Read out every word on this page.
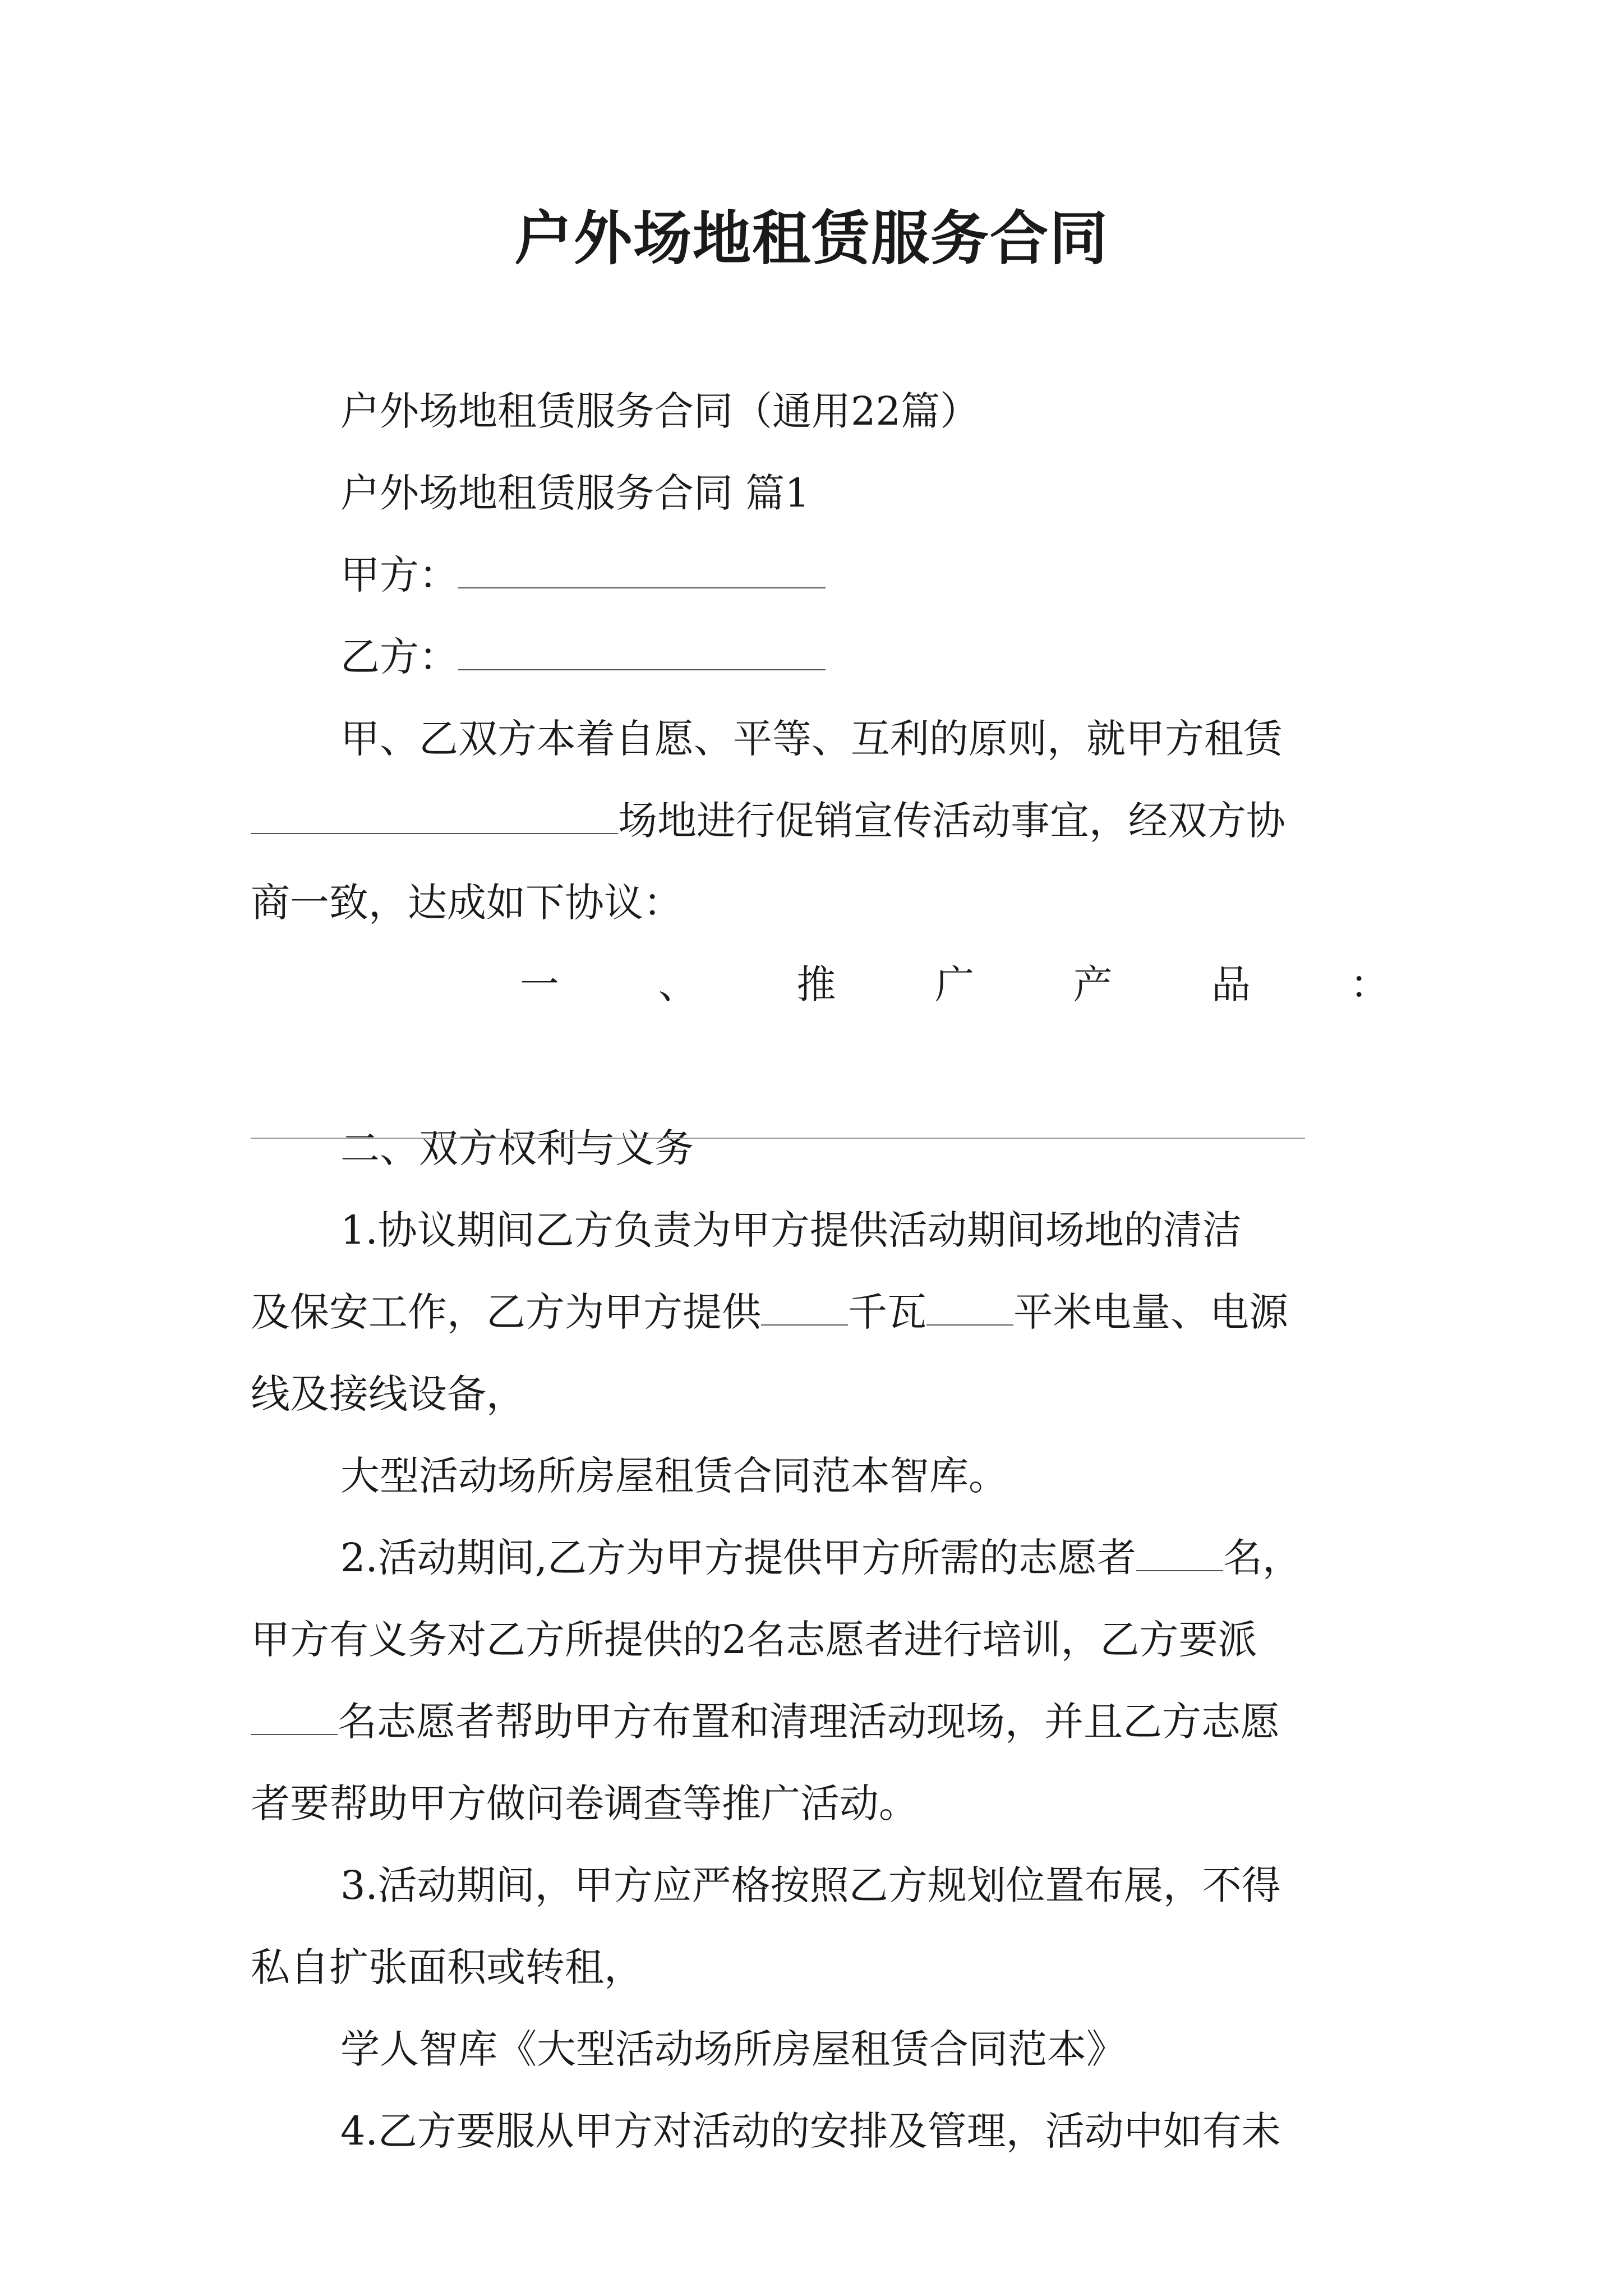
户外场地租赁服务合同

户外场地租赁服务合同（通用22篇）

户外场地租赁服务合同 篇1

甲方：

乙方：

甲、乙双方本着自愿、平等、互利的原则，就甲方租赁

场地进行促销宣传活动事宜，经双方协

商一致，达成如下协议：

一	、	推	广	产	品	：

二、双方权利与义务

1.协议期间乙方负责为甲方提供活动期间场地的清洁

及保安工作，乙方为甲方提供 千瓦 平米电量、电源

线及接线设备，

大型活动场所房屋租赁合同范本智库。

2.活动期间,乙方为甲方提供甲方所需的志愿者 名，

甲方有义务对乙方所提供的2名志愿者进行培训，乙方要派

名志愿者帮助甲方布置和清理活动现场，并且乙方志愿

者要帮助甲方做问卷调查等推广活动。

3.活动期间，甲方应严格按照乙方规划位置布展，不得

私自扩张面积或转租，

学人智库《大型活动场所房屋租赁合同范本》

4.乙方要服从甲方对活动的安排及管理，活动中如有未
